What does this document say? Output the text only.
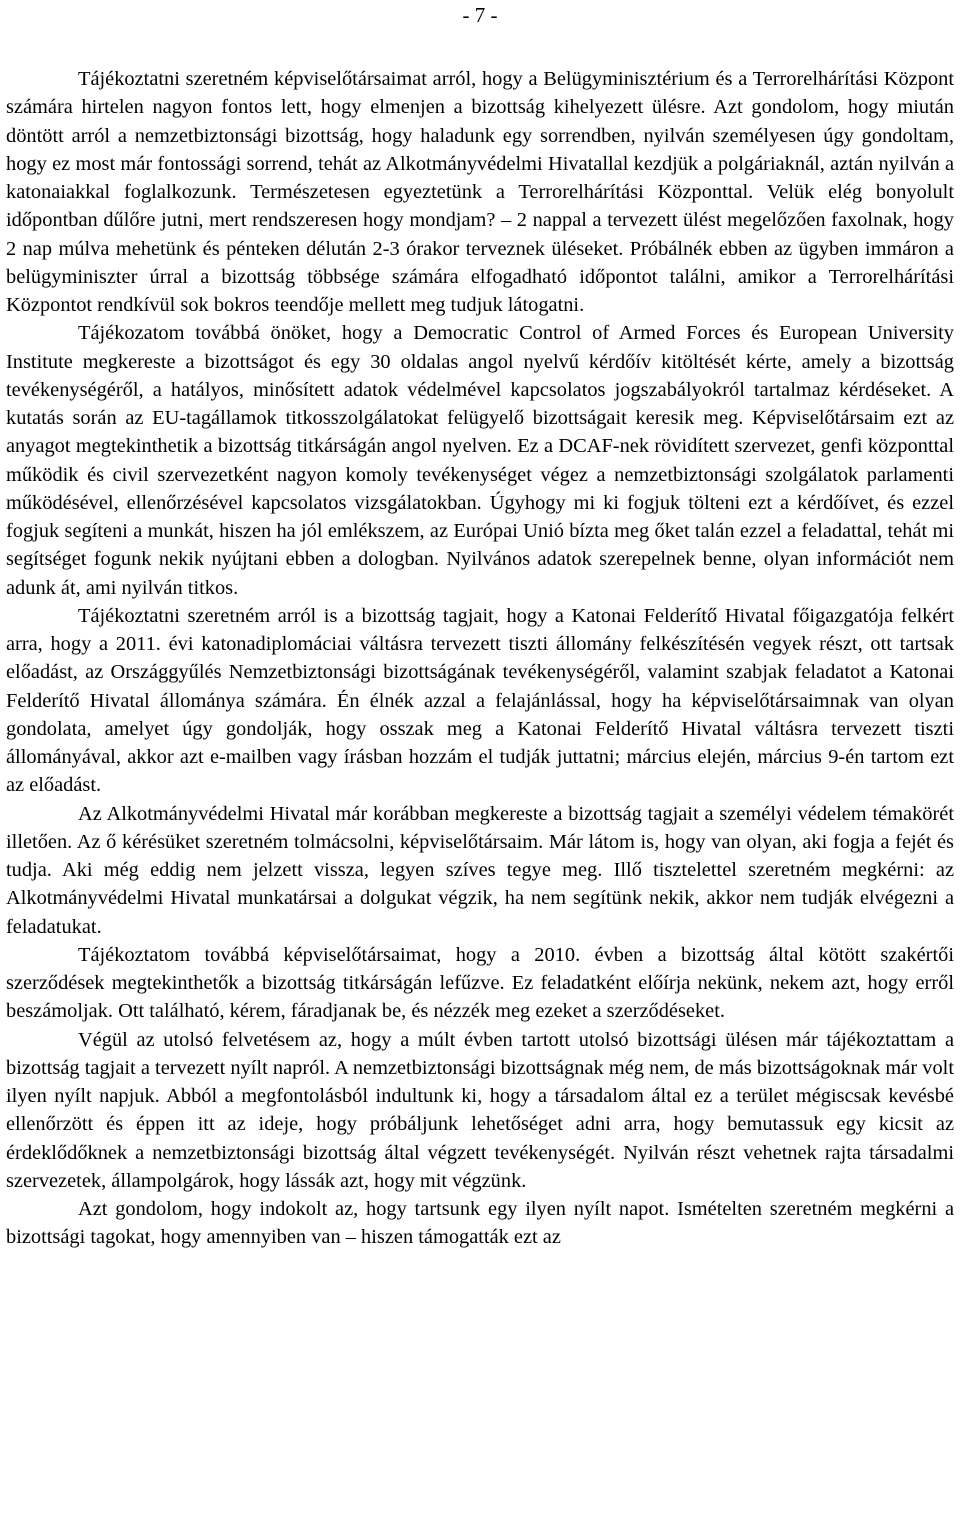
- 7 -

Tájékoztatni szeretném képviselőtársaimat arról, hogy a Belügyminisztérium és a Terrorelhárítási Központ számára hirtelen nagyon fontos lett, hogy elmenjen a bizottság kihelyezett ülésre. Azt gondolom, hogy miután döntött arról a nemzetbiztonsági bizottság, hogy haladunk egy sorrendben, nyilván személyesen úgy gondoltam, hogy ez most már fontossági sorrend, tehát az Alkotmányvédelmi Hivatallal kezdjük a polgáriaknál, aztán nyilván a katonaiakkal foglalkozunk. Természetesen egyeztetünk a Terrorelhárítási Központtal. Velük elég bonyolult időpontban dűlőre jutni, mert rendszeresen hogy mondjam? – 2 nappal a tervezett ülést megelőzően faxolnak, hogy 2 nap múlva mehetünk és pénteken délután 2-3 órakor terveznek üléseket. Próbálnék ebben az ügyben immáron a belügyminiszter úrral a bizottság többsége számára elfogadható időpontot találni, amikor a Terrorelhárítási Központot rendkívül sok bokros teendője mellett meg tudjuk látogatni.

Tájékozatom továbbá önöket, hogy a Democratic Control of Armed Forces és European University Institute megkereste a bizottságot és egy 30 oldalas angol nyelvű kérdőív kitöltését kérte, amely a bizottság tevékenységéről, a hatályos, minősített adatok védelmével kapcsolatos jogszabályokról tartalmaz kérdéseket. A kutatás során az EU-tagállamok titkosszolgálatokat felügyelő bizottságait keresik meg. Képviselőtársaim ezt az anyagot megtekinthetik a bizottság titkárságán angol nyelven. Ez a DCAF-nek rövidített szervezet, genfi központtal működik és civil szervezetként nagyon komoly tevékenységet végez a nemzetbiztonsági szolgálatok parlamenti működésével, ellenőrzésével kapcsolatos vizsgálatokban. Úgyhogy mi ki fogjuk tölteni ezt a kérdőívet, és ezzel fogjuk segíteni a munkát, hiszen ha jól emlékszem, az Európai Unió bízta meg őket talán ezzel a feladattal, tehát mi segítséget fogunk nekik nyújtani ebben a dologban. Nyilvános adatok szerepelnek benne, olyan információt nem adunk át, ami nyilván titkos.

Tájékoztatni szeretném arról is a bizottság tagjait, hogy a Katonai Felderítő Hivatal főigazgatója felkért arra, hogy a 2011. évi katonadiplomáciai váltásra tervezett tiszti állomány felkészítésén vegyek részt, ott tartsak előadást, az Országgyűlés Nemzetbiztonsági bizottságának tevékenységéről, valamint szabjak feladatot a Katonai Felderítő Hivatal állománya számára. Én élnék azzal a felajánlással, hogy ha képviselőtársaimnak van olyan gondolata, amelyet úgy gondolják, hogy osszak meg a Katonai Felderítő Hivatal váltásra tervezett tiszti állományával, akkor azt e-mailben vagy írásban hozzám el tudják juttatni; március elején, március 9-én tartom ezt az előadást.

Az Alkotmányvédelmi Hivatal már korábban megkereste a bizottság tagjait a személyi védelem témakörét illetően. Az ő kérésüket szeretném tolmácsolni, képviselőtársaim. Már látom is, hogy van olyan, aki fogja a fejét és tudja. Aki még eddig nem jelzett vissza, legyen szíves tegye meg. Illő tisztelettel szeretném megkérni: az Alkotmányvédelmi Hivatal munkatársai a dolgukat végzik, ha nem segítünk nekik, akkor nem tudják elvégezni a feladatukat.

Tájékoztatom továbbá képviselőtársaimat, hogy a 2010. évben a bizottság által kötött szakértői szerződések megtekinthetők a bizottság titkárságán lefűzve. Ez feladatként előírja nekünk, nekem azt, hogy erről beszámoljak. Ott található, kérem, fáradjanak be, és nézzék meg ezeket a szerződéseket.

Végül az utolsó felvetésem az, hogy a múlt évben tartott utolsó bizottsági ülésen már tájékoztattam a bizottság tagjait a tervezett nyílt napról. A nemzetbiztonsági bizottságnak még nem, de más bizottságoknak már volt ilyen nyílt napjuk. Abból a megfontolásból indultunk ki, hogy a társadalom által ez a terület mégiscsak kevésbé ellenőrzött és éppen itt az ideje, hogy próbáljunk lehetőséget adni arra, hogy bemutassuk egy kicsit az érdeklődőknek a nemzetbiztonsági bizottság által végzett tevékenységét. Nyilván részt vehetnek rajta társadalmi szervezetek, állampolgárok, hogy lássák azt, hogy mit végzünk.

Azt gondolom, hogy indokolt az, hogy tartsunk egy ilyen nyílt napot. Ismételten szeretném megkérni a bizottsági tagokat, hogy amennyiben van – hiszen támogatták ezt az
